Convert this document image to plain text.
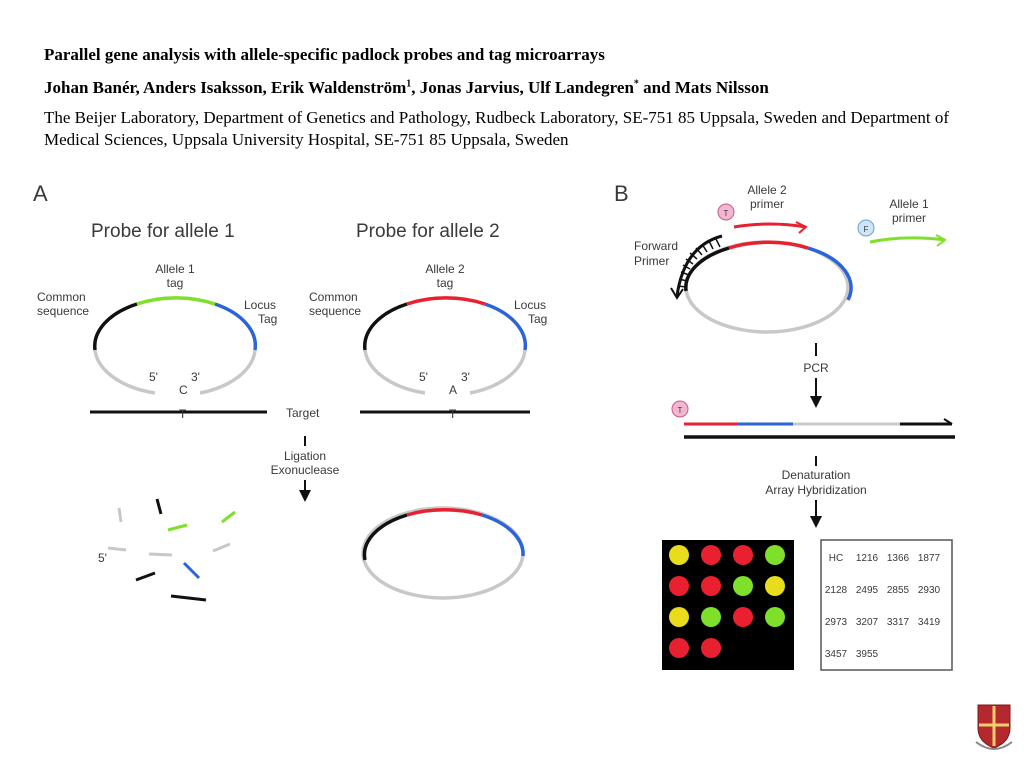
Parallel gene analysis with allele-specific padlock probes and tag microarrays

Johan Banér, Anders Isaksson, Erik Waldenström$^1$, Jonas Jarvius, Ulf Landegren* and Mats Nilsson

The Beijer Laboratory, Department of Genetics and Pathology, Rudbeck Laboratory, SE-751 85 Uppsala, Sweden and Department of Medical Sciences, Uppsala University Hospital, SE-751 85 Uppsala, Sweden

A
Probe for allele 1	Probe for allele 2
Allele 1
tag
Common
sequence	Locus
Tag
5'	3'
C
Allele 2
tag
Common
sequence	Locus
Tag
5'	3'
A
T	T
Target
Ligation
Exonuclease
5'
B	Allele 2
primer
T
Allele 1
primer
F
Forward
Primer
PCR
T
Denaturation
Array Hybridization
HC 1216 1366 1877
2128 2495 2855 2930
2973 3207 3317 3419
3457 3955
